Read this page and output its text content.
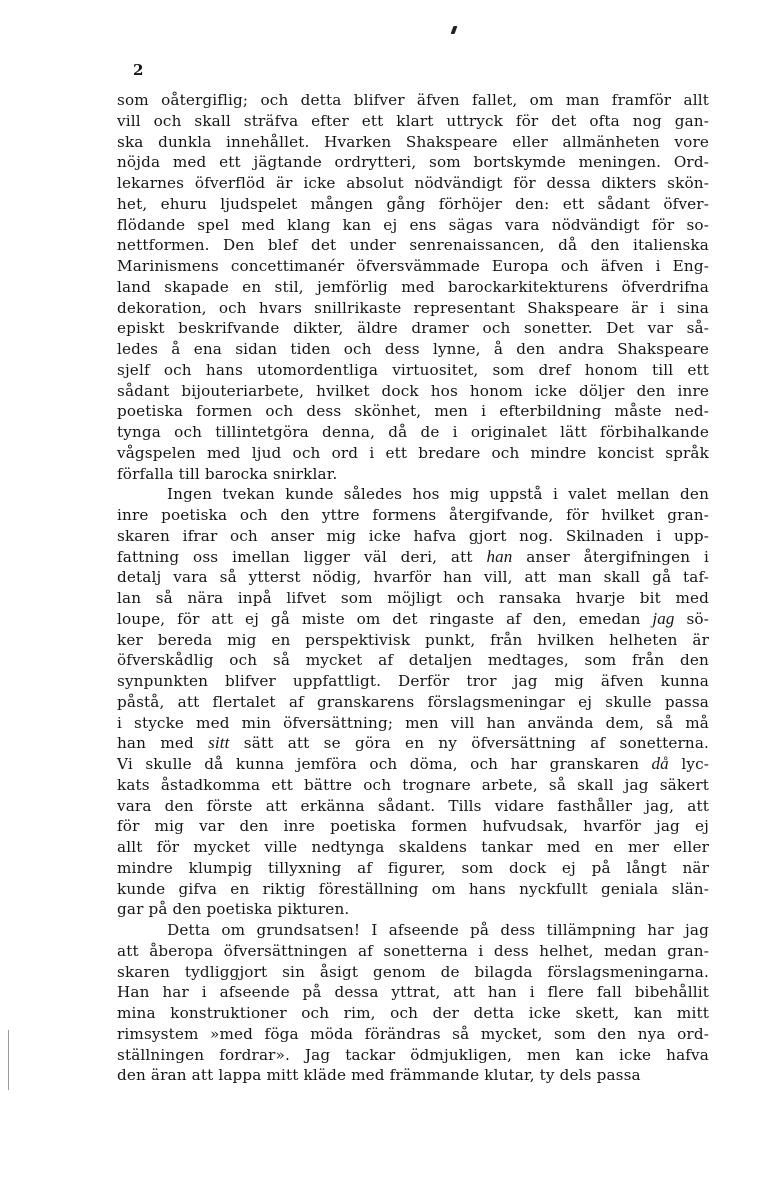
2
som oåtergiflig; och detta blifver äfven fallet, om man framför allt
vill och skall sträfva efter ett klart uttryck för det ofta nog gan-
ska dunkla innehållet. Hvarken Shakspeare eller allmänheten vore
nöjda med ett jägtande ordrytteri, som bortskymde meningen. Ord-
lekarnes öfverflöd är icke absolut nödvändigt för dessa dikters skön-
het, ehuru ljudspelet mången gång förhöjer den: ett sådant öfver-
flödande spel med klang kan ej ens sägas vara nödvändigt för so-
nettformen. Den blef det under senrenaissancen, då den italienska
Marinismens concettimanér öfversvämmade Europa och äfven i Eng-
land skapade en stil, jemförlig med barockarkitekturens öfverdrifna
dekoration, och hvars snillrikaste representant Shakspeare är i sina
episkt beskrifvande dikter, äldre dramer och sonetter. Det var så-
ledes å ena sidan tiden och dess lynne, å den andra Shakspeare
sjelf och hans utomordentliga virtuositet, som dref honom till ett
sådant bijouteriarbete, hvilket dock hos honom icke döljer den inre
poetiska formen och dess skönhet, men i efterbildning måste ned-
tynga och tillintetgöra denna, då de i originalet lätt förbihalkande
vågspelen med ljud och ord i ett bredare och mindre koncist språk
förfalla till barocka snirklar.
Ingen tvekan kunde således hos mig uppstå i valet mellan den
inre poetiska och den yttre formens återgifvande, för hvilket gran-
skaren ifrar och anser mig icke hafva gjort nog. Skilnaden i upp-
fattning oss imellan ligger väl deri, att han anser återgifningen i
detalj vara så ytterst nödig, hvarför han vill, att man skall gå taf-
lan så nära inpå lifvet som möjligt och ransaka hvarje bit med
loupe, för att ej gå miste om det ringaste af den, emedan jag sö-
ker bereda mig en perspektivisk punkt, från hvilken helheten är
öfverskådlig och så mycket af detaljen medtages, som från den
synpunkten blifver uppfattligt. Derför tror jag mig äfven kunna
påstå, att flertalet af granskarens förslagsmeningar ej skulle passa
i stycke med min öfversättning; men vill han använda dem, så må
han med sitt sätt att se göra en ny öfversättning af sonetterna.
Vi skulle då kunna jemföra och döma, och har granskaren då lyc-
kats åstadkomma ett bättre och trognare arbete, så skall jag säkert
vara den förste att erkänna sådant. Tills vidare fasthåller jag, att
för mig var den inre poetiska formen hufvudsak, hvarför jag ej
allt för mycket ville nedtynga skaldens tankar med en mer eller
mindre klumpig tillyxning af figurer, som dock ej på långt när
kunde gifva en riktig föreställning om hans nyckfullt geniala slän-
gar på den poetiska pikturen.
Detta om grundsatsen! I afseende på dess tillämpning har jag
att åberopa öfversättningen af sonetterna i dess helhet, medan gran-
skaren tydliggjort sin åsigt genom de bilagda förslagsmeningarna.
Han har i afseende på dessa yttrat, att han i flere fall bibehållit
mina konstruktioner och rim, och der detta icke skett, kan mitt
rimsystem »med föga möda förändras så mycket, som den nya ord-
ställningen fordrar». Jag tackar ödmjukligen, men kan icke hafva
den äran att lappa mitt kläde med främmande klutar, ty dels passa
